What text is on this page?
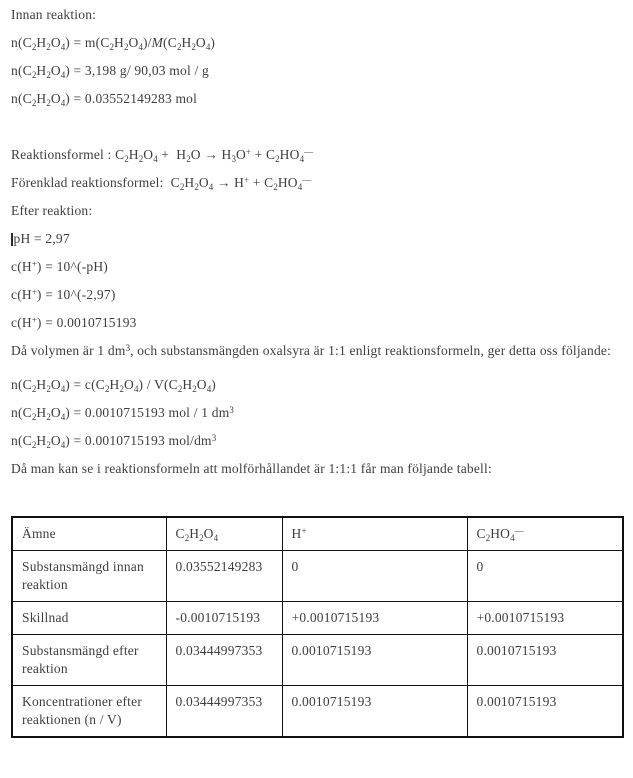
Innan reaktion:

$n(C_2H_2O_4) = m(C_2H_2O_4)/M(C_2H_2O_4)$

$n(C_2H_2O_4) = 3,198$ g/ 90,03 mol / g

$n(C_2H_2O_4) = 0.03552149283$ mol

Reaktionsformel : $C_2H_2O_4 + H_2O \to H_3O^+ + C_2HO_4^—$

Förenklad reaktionsformel:  $C_2H_2O_4 \to H^+ + C_2HO_4^—$

Efter reaktion:

pH = 2,97

c(H+) = 10^(-pH)

c(H+) = 10^(-2,97)

c(H+) = 0.0010715193

Då volymen är 1 $dm^3$, och substansmängden oxalsyra är 1:1 enligt reaktionsformeln, ger detta oss följande:

$n(C_2H_2O_4) = c(C_2H_2O_4) / V(C_2H_2O_4)$

$n(C_2H_2O_4) = 0.0010715193$ mol / 1 $dm^3$

$n(C_2H_2O_4) = 0.0010715193$ mol/$dm^3$

Då man kan se i reaktionsformeln att molförhållandet är 1:1:1 får man följande tabell:

Ämne	$C_2H_2O_4$	H+	$C_2HO_4^—$
Substansmängd innan reaktion	0.03552149283	0	0
Skillnad	-0.0010715193	+0.0010715193	+0.0010715193
Substansmängd efter reaktion	0.03444997353	0.0010715193	0.0010715193
Koncentrationer efter reaktionen (n / V)	0.03444997353	0.0010715193	0.0010715193
